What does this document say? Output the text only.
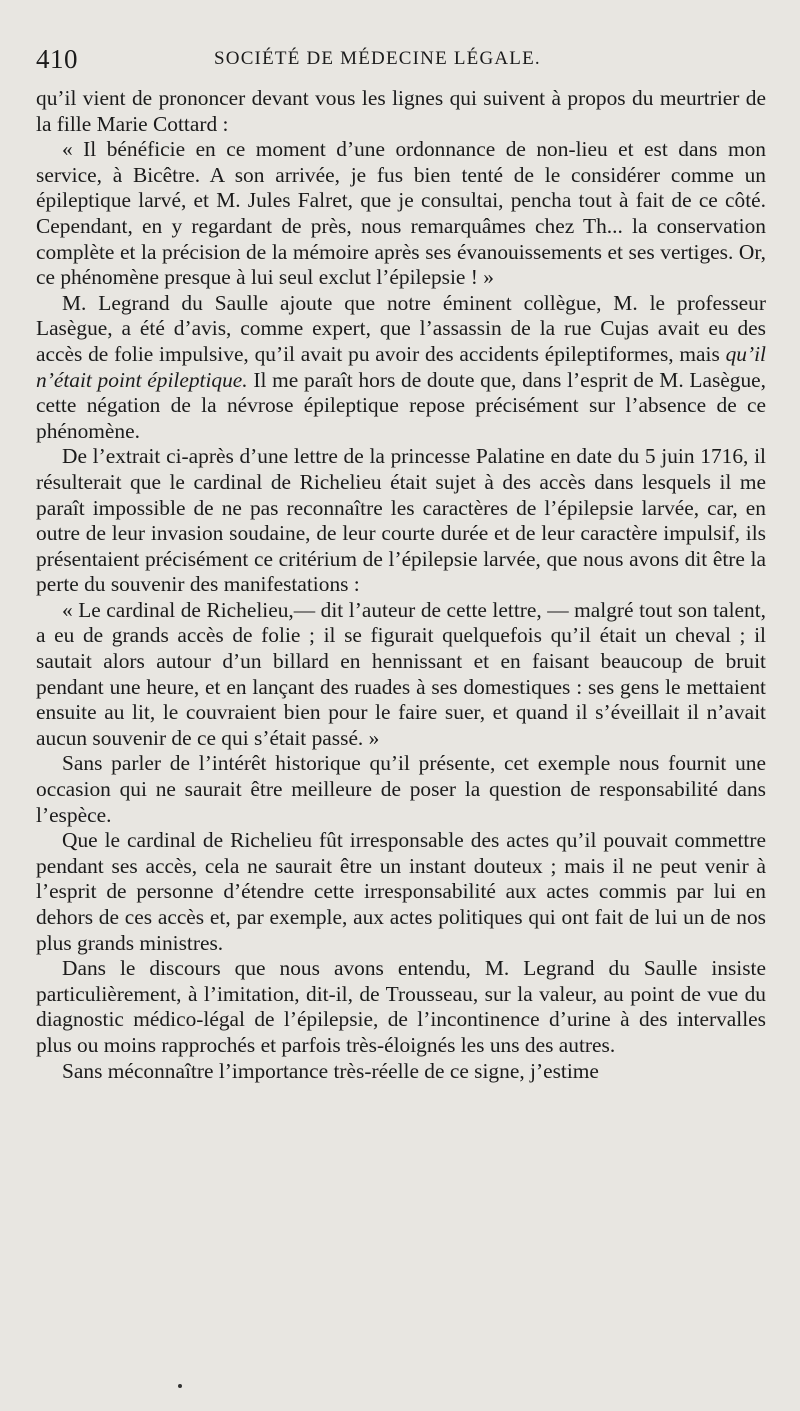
410	SOCIÉTÉ DE MÉDECINE LÉGALE.

qu’il vient de prononcer devant vous les lignes qui suivent à propos du meurtrier de la fille Marie Cottard :

« Il bénéficie en ce moment d’une ordonnance de non-lieu et est dans mon service, à Bicêtre. A son arrivée, je fus bien tenté de le considérer comme un épileptique larvé, et M. Jules Falret, que je consultai, pencha tout à fait de ce côté. Cependant, en y regardant de près, nous remarquâmes chez Th... la conservation complète et la précision de la mémoire après ses évanouissements et ses vertiges. Or, ce phénomène presque à lui seul exclut l’épilepsie ! »

M. Legrand du Saulle ajoute que notre éminent collègue, M. le professeur Lasègue, a été d’avis, comme expert, que l’assassin de la rue Cujas avait eu des accès de folie impulsive, qu’il avait pu avoir des accidents épileptiformes, mais qu’il n’était point épileptique. Il me paraît hors de doute que, dans l’esprit de M. Lasègue, cette négation de la névrose épileptique repose précisément sur l’absence de ce phénomène.

De l’extrait ci-après d’une lettre de la princesse Palatine en date du 5 juin 1716, il résulterait que le cardinal de Richelieu était sujet à des accès dans lesquels il me paraît impossible de ne pas reconnaître les caractères de l’épilepsie larvée, car, en outre de leur invasion soudaine, de leur courte durée et de leur caractère impulsif, ils présentaient précisément ce critérium de l’épilepsie larvée, que nous avons dit être la perte du souvenir des manifestations :

« Le cardinal de Richelieu,— dit l’auteur de cette lettre, — malgré tout son talent, a eu de grands accès de folie ; il se figurait quelquefois qu’il était un cheval ; il sautait alors autour d’un billard en hennissant et en faisant beaucoup de bruit pendant une heure, et en lançant des ruades à ses domestiques : ses gens le mettaient ensuite au lit, le couvraient bien pour le faire suer, et quand il s’éveillait il n’avait aucun souvenir de ce qui s’était passé. »

Sans parler de l’intérêt historique qu’il présente, cet exemple nous fournit une occasion qui ne saurait être meilleure de poser la question de responsabilité dans l’espèce.

Que le cardinal de Richelieu fût irresponsable des actes qu’il pouvait commettre pendant ses accès, cela ne saurait être un instant douteux ; mais il ne peut venir à l’esprit de personne d’étendre cette irresponsabilité aux actes commis par lui en dehors de ces accès et, par exemple, aux actes politiques qui ont fait de lui un de nos plus grands ministres.

Dans le discours que nous avons entendu, M. Legrand du Saulle insiste particulièrement, à l’imitation, dit-il, de Trousseau, sur la valeur, au point de vue du diagnostic médico-légal de l’épilepsie, de l’incontinence d’urine à des intervalles plus ou moins rapprochés et parfois très-éloignés les uns des autres.

Sans méconnaître l’importance très-réelle de ce signe, j’estime
